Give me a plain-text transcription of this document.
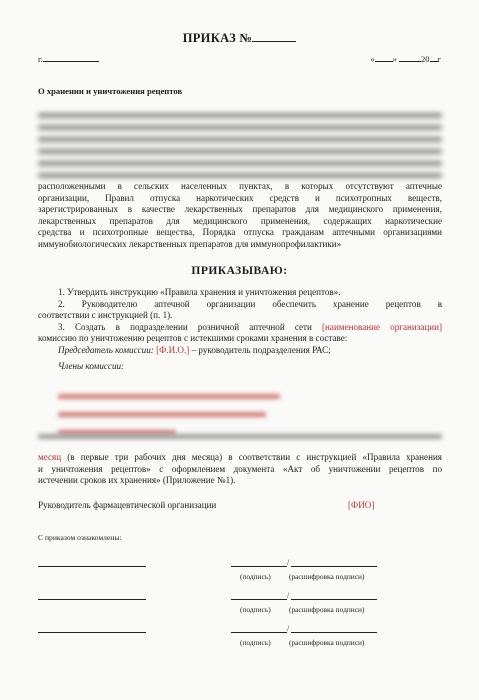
ПРИКАЗ №
г.	« »	20 г
О хранении и уничтожения рецептов
расположенными в сельских населенных пунктах, в которых отсутствуют аптечные
организации, Правил отпуска наркотических средств и психотропных веществ,
зарегистрированных в качестве лекарственных препаратов для медицинского применения,
лекарственных препаратов для медицинского применения, содержащих наркотические
средства и психотропные вещества, Порядка отпуска гражданам аптечными организациями
иммунобиологических лекарственных препаратов для иммунопрофилактики»
ПРИКАЗЫВАЮ:
1. Утвердить инструкцию «Правила хранения и уничтожения рецептов».
2. Руководителю аптечной организации обеспечить хранение рецептов в
соответствии с инструкцией (п. 1).
3. Создать в подразделении розничной аптечной сети [наименование организации]
комиссию по уничтожению рецептов с истекшими сроками хранения в составе:
Председатель комиссии: [Ф.И.О.] – руководитель подразделения РАС;
Члены комиссии:
месяц (в первые три рабочих дня месяца) в соответствии с инструкцией «Правила хранения
и уничтожения рецептов» с оформлением документа «Акт об уничтожении рецептов по
истечении сроков их хранения» (Приложение №1).
Руководитель фармацевтической организации	[ФИО]
С приказом ознакомлены:
/
(подпись) (расшифровка подписи)
/
(подпись) (расшифровка подписи)
/
(подпись) (расшифровка подписи)
